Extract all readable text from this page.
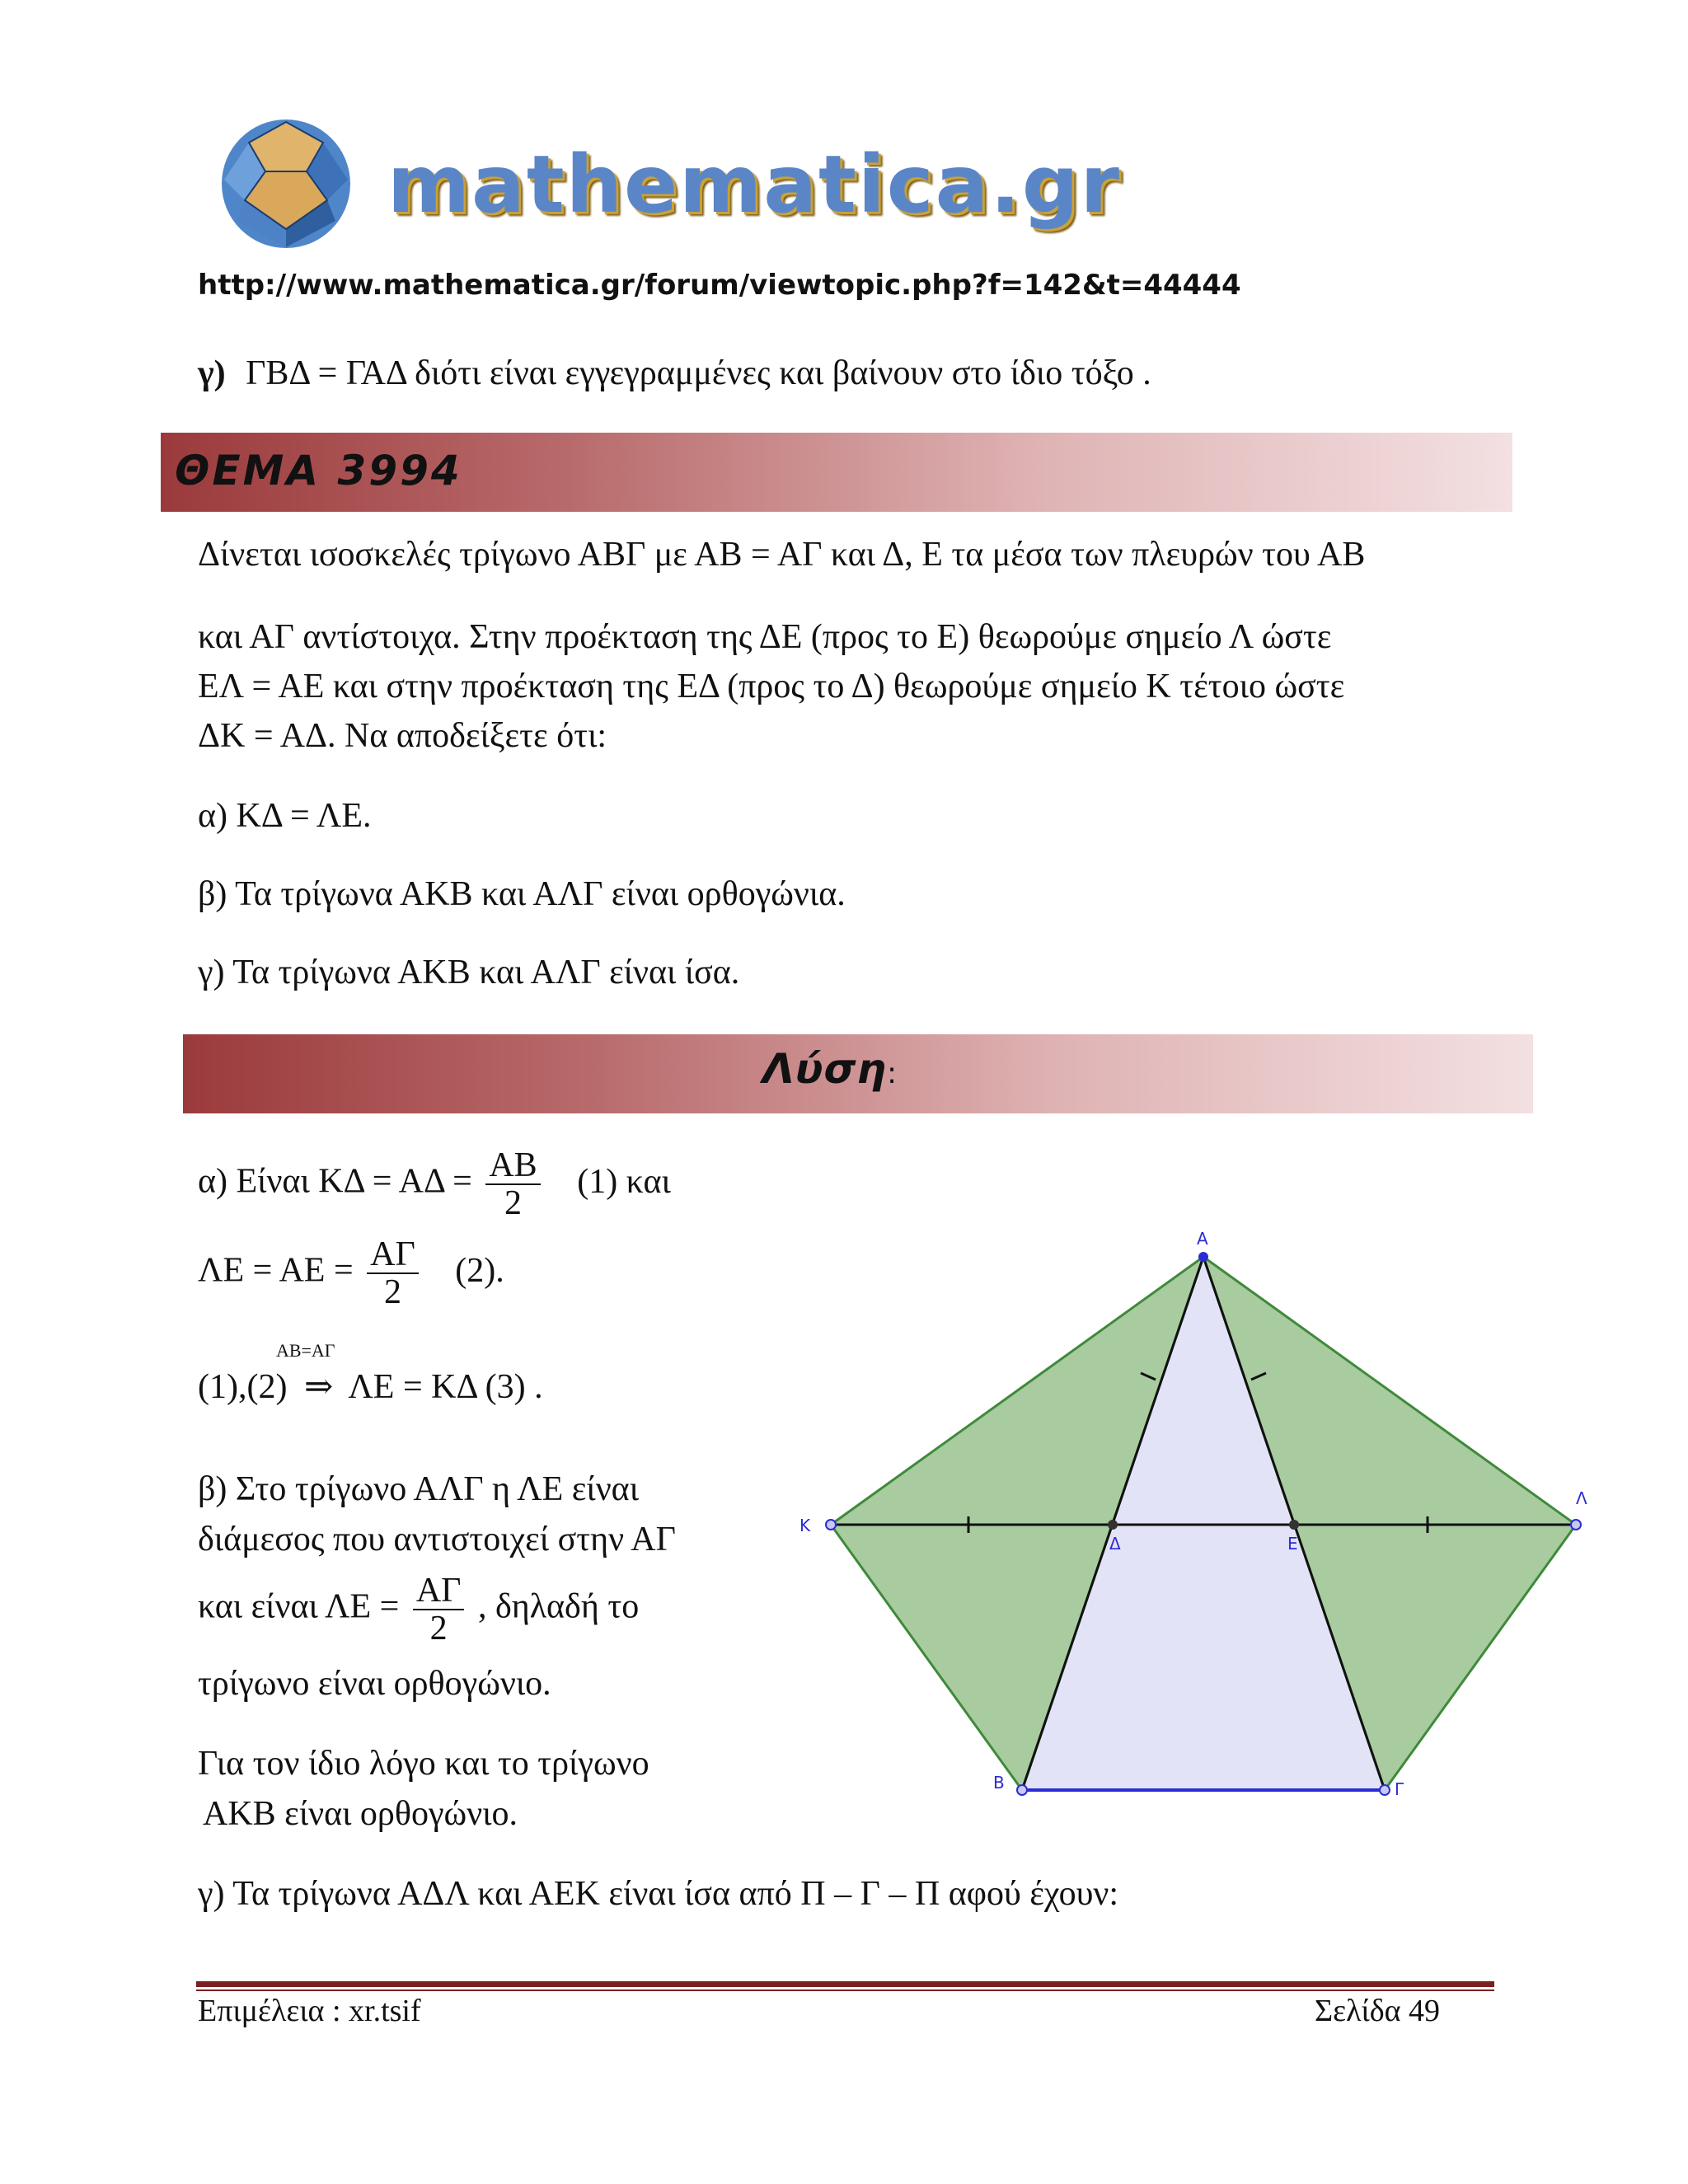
mathematica.gr
http://www.mathematica.gr/forum/viewtopic.php?f=142&t=44444
γ) ΓΒΔ = ΓΑΔ διότι είναι εγγεγραμμένες και βαίνουν στο ίδιο τόξο .
ΘΕΜΑ 3994
Δίνεται ισοσκελές τρίγωνο ΑΒΓ με ΑΒ = ΑΓ και Δ, Ε τα μέσα των πλευρών του ΑΒ
και ΑΓ αντίστοιχα. Στην προέκταση της ΔΕ (προς το Ε) θεωρούμε σημείο Λ ώστε
ΕΛ = ΑΕ και στην προέκταση της ΕΔ (προς το Δ) θεωρούμε σημείο Κ τέτοιο ώστε
ΔΚ = ΑΔ. Να αποδείξετε ότι:
α) ΚΔ = ΛΕ.
β) Τα τρίγωνα ΑΚΒ και ΑΛΓ είναι ορθογώνια.
γ) Τα τρίγωνα ΑΚΒ και ΑΛΓ είναι ίσα.
Λύση:
α) Είναι $K\Delta = A\Delta = \frac{AB}{2} (1)$ και
$\Lambda E = AE = \frac{A\Gamma}{2} (2)$.
(1),(2)
ΑΒ=ΑΓ
⇒ ΛΕ = ΚΔ (3) .
β) Στο τρίγωνο ΑΛΓ η ΛΕ είναι
διάμεσος που αντιστοιχεί στην ΑΓ
και είναι $\Lambda E = \frac{A\Gamma}{2}$ , δηλαδή το
τρίγωνο είναι ορθογώνιο.
Για τον ίδιο λόγο και το τρίγωνο
ΑΚΒ είναι ορθογώνιο.
γ) Τα τρίγωνα ΑΔΛ και ΑΕΚ είναι ίσα από Π – Γ – Π αφού έχουν:
A
K
Λ
Δ	E
B	Γ
Επιμέλεια : xr.tsif	Σελίδα 49
